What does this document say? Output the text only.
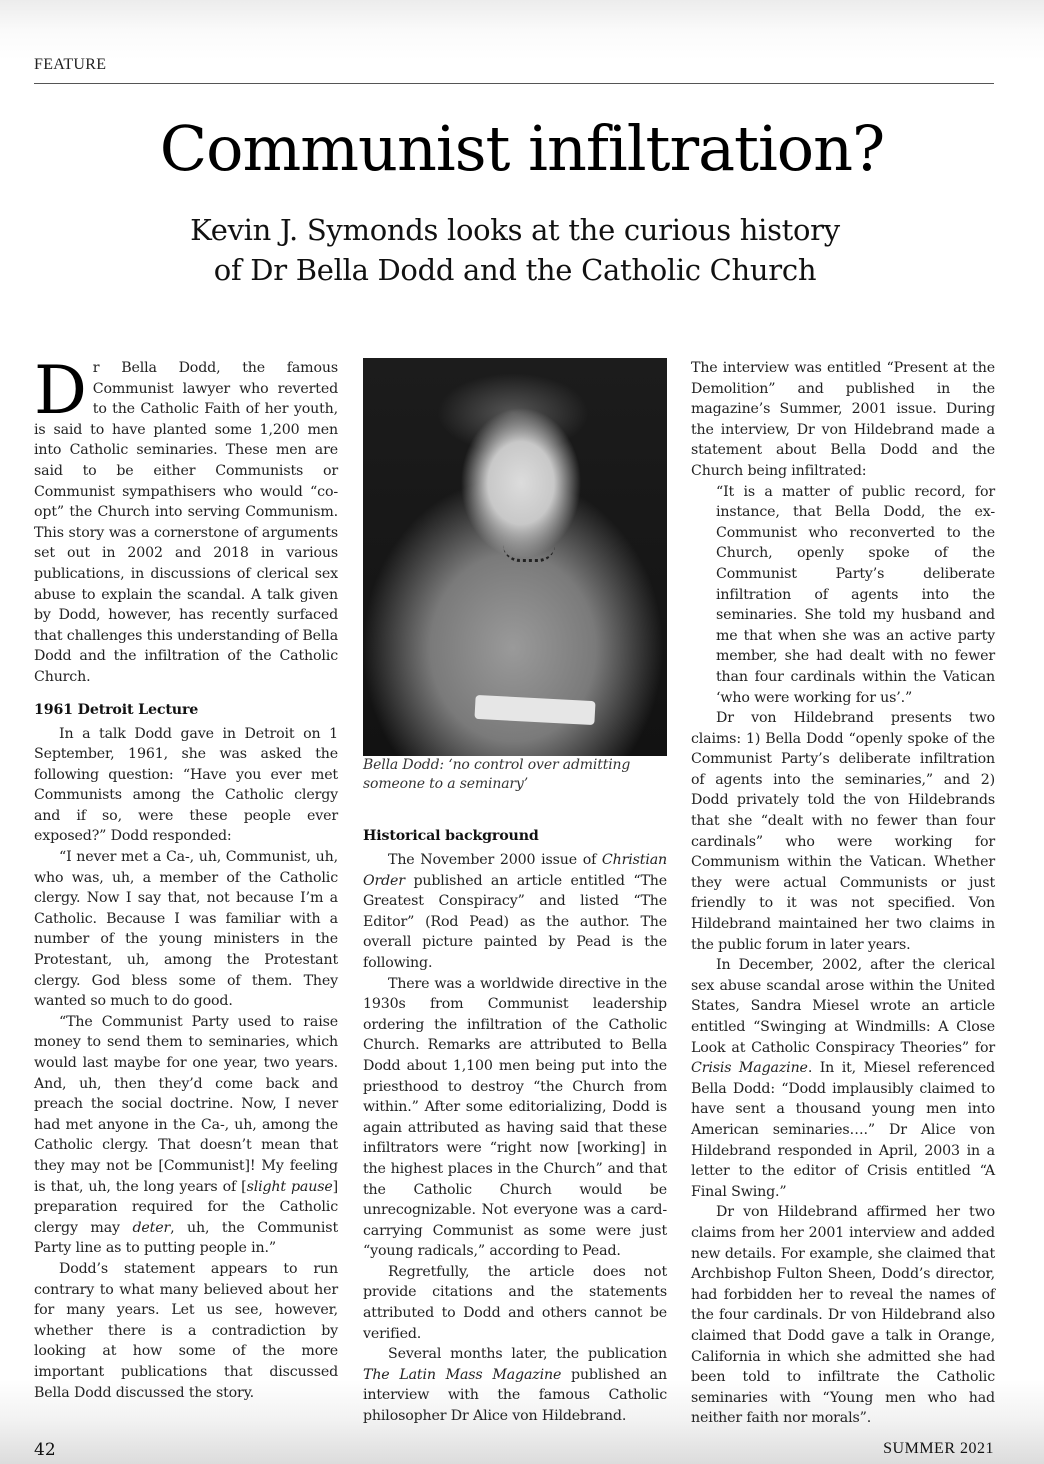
FEATURE
Communist infiltration?
Kevin J. Symonds looks at the curious history
of Dr Bella Dodd and the Catholic Church

Dr Bella Dodd, the famous Communist lawyer who reverted to the Catholic Faith of her youth, is said to have planted some 1,200 men into Catholic seminaries. These men are said to be either Communists or Communist sympathisers who would “co-opt” the Church into serving Communism. This story was a cornerstone of arguments set out in 2002 and 2018 in various publications, in discussions of clerical sex abuse to explain the scandal. A talk given by Dodd, however, has recently surfaced that challenges this understanding of Bella Dodd and the infiltration of the Catholic Church.

1961 Detroit Lecture

In a talk Dodd gave in Detroit on 1 September, 1961, she was asked the following question: “Have you ever met Communists among the Catholic clergy and if so, were these people ever exposed?” Dodd responded:

“I never met a Ca-, uh, Communist, uh, who was, uh, a member of the Catholic clergy. Now I say that, not because I’m a Catholic. Because I was familiar with a number of the young ministers in the Protestant, uh, among the Protestant clergy. God bless some of them. They wanted so much to do good.

“The Communist Party used to raise money to send them to seminaries, which would last maybe for one year, two years. And, uh, then they’d come back and preach the social doctrine. Now, I never had met anyone in the Ca-, uh, among the Catholic clergy. That doesn’t mean that they may not be [Communist]! My feeling is that, uh, the long years of [slight pause] preparation required for the Catholic clergy may deter, uh, the Communist Party line as to putting people in.”

Dodd’s statement appears to run contrary to what many believed about her for many years. Let us see, however, whether there is a contradiction by looking at how some of the more important publications that discussed Bella Dodd discussed the story.

Bella Dodd: ‘no control over admitting someone to a seminary’

Historical background

The November 2000 issue of Christian Order published an article entitled “The Greatest Conspiracy” and listed “The Editor” (Rod Pead) as the author. The overall picture painted by Pead is the following.

There was a worldwide directive in the 1930s from Communist leadership ordering the infiltration of the Catholic Church. Remarks are attributed to Bella Dodd about 1,100 men being put into the priesthood to destroy “the Church from within.” After some editorializing, Dodd is again attributed as having said that these infiltrators were “right now [working] in the highest places in the Church” and that the Catholic Church would be unrecognizable. Not everyone was a card-carrying Communist as some were just “young radicals,” according to Pead.

Regretfully, the article does not provide citations and the statements attributed to Dodd and others cannot be verified.

Several months later, the publication The Latin Mass Magazine published an interview with the famous Catholic philosopher Dr Alice von Hildebrand.

The interview was entitled “Present at the Demolition” and published in the magazine’s Summer, 2001 issue. During the interview, Dr von Hildebrand made a statement about Bella Dodd and the Church being infiltrated:

“It is a matter of public record, for instance, that Bella Dodd, the ex-Communist who reconverted to the Church, openly spoke of the Communist Party’s deliberate infiltration of agents into the seminaries. She told my husband and me that when she was an active party member, she had dealt with no fewer than four cardinals within the Vatican ‘who were working for us’.”

Dr von Hildebrand presents two claims: 1) Bella Dodd “openly spoke of the Communist Party’s deliberate infiltration of agents into the seminaries,” and 2) Dodd privately told the von Hildebrands that she “dealt with no fewer than four cardinals” who were working for Communism within the Vatican. Whether they were actual Communists or just friendly to it was not specified. Von Hildebrand maintained her two claims in the public forum in later years.

In December, 2002, after the clerical sex abuse scandal arose within the United States, Sandra Miesel wrote an article entitled “Swinging at Windmills: A Close Look at Catholic Conspiracy Theories” for Crisis Magazine. In it, Miesel referenced Bella Dodd: “Dodd implausibly claimed to have sent a thousand young men into American seminaries….” Dr Alice von Hildebrand responded in April, 2003 in a letter to the editor of Crisis entitled “A Final Swing.”

Dr von Hildebrand affirmed her two claims from her 2001 interview and added new details. For example, she claimed that Archbishop Fulton Sheen, Dodd’s director, had forbidden her to reveal the names of the four cardinals. Dr von Hildebrand also claimed that Dodd gave a talk in Orange, California in which she admitted she had been told to infiltrate the Catholic seminaries with “Young men who had neither faith nor morals”.

42	SUMMER 2021
